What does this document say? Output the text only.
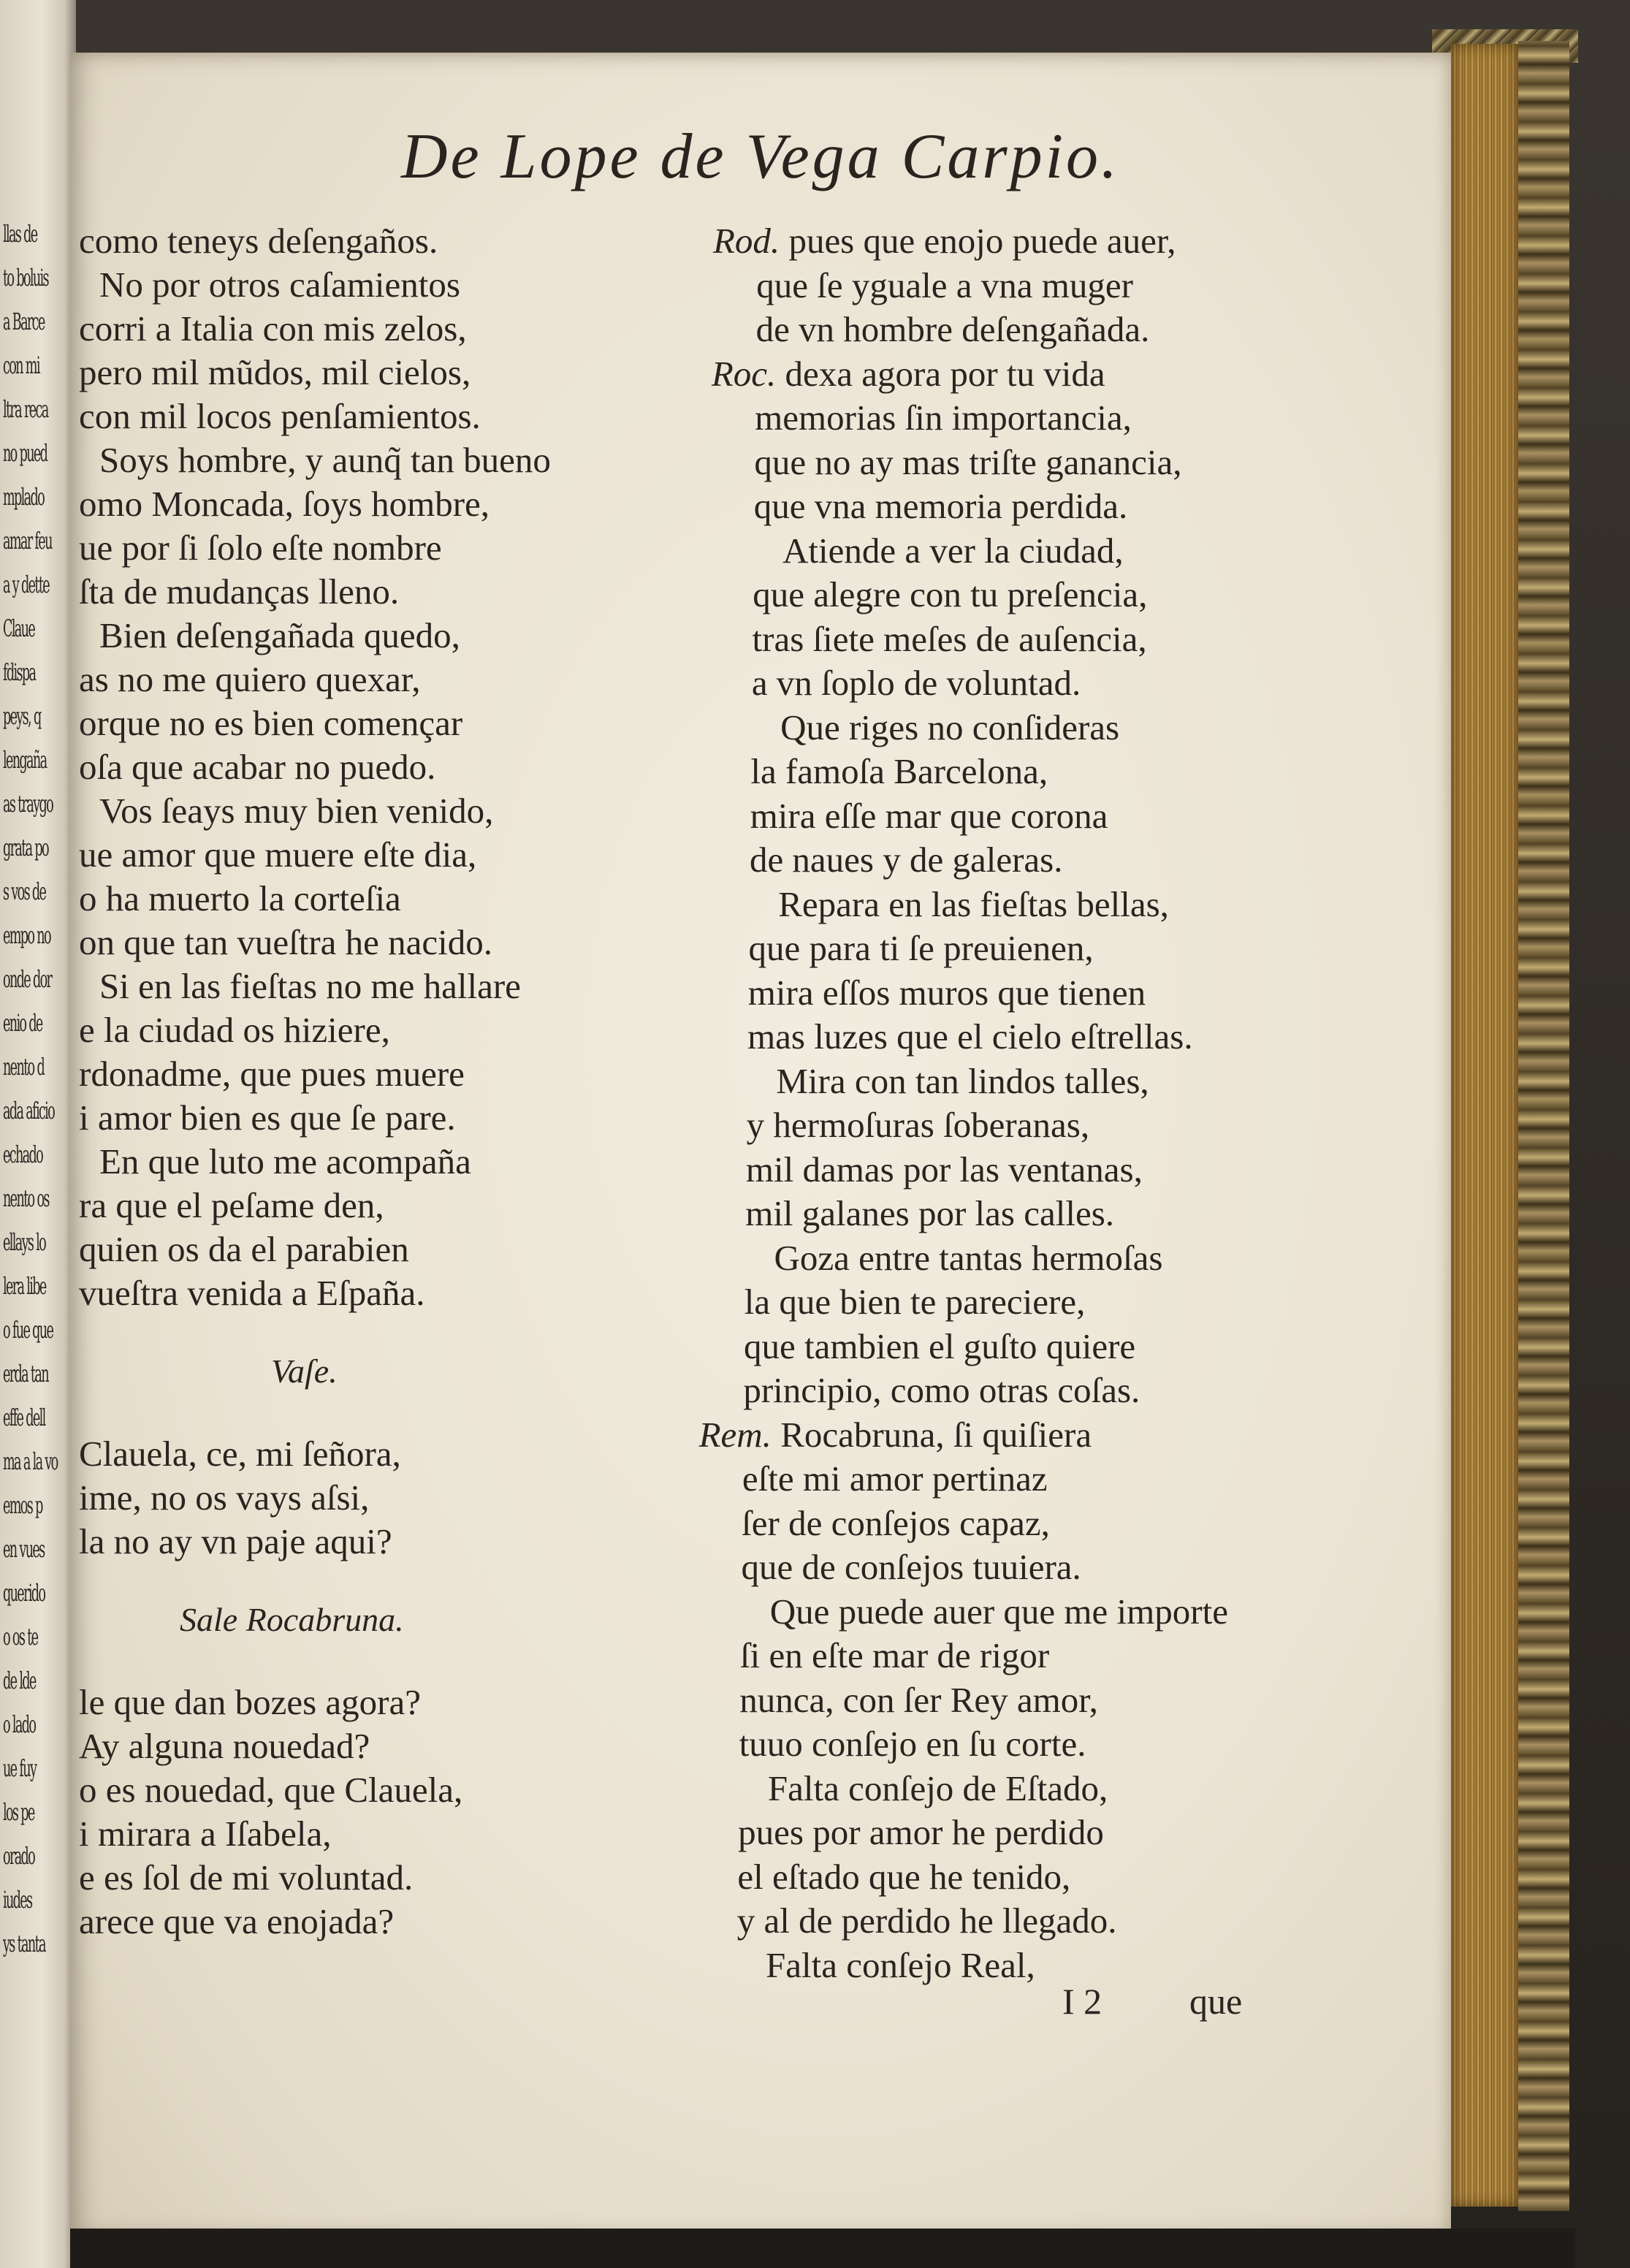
llas de
to boluis
a Barce
con mi
ltra reca
no pued
mplado
amar feu
a y dette
Claue
fdispa
peys, q
lengaña
as traygo
grata po
s vos de
empo no
onde dor
enio de
nento d
ada aficio
echado
nento os
ellays lo
lera libe
o fue que
erda tan
effe dell
ma a la vo
emos p
en vues
querido
o os te
de lde
o lado
ue fuy
los pe
orado
iudes
ys tanta
De Lope de Vega Carpio.
como teneys deſengaños.
No por otros caſamientos
corri a Italia con mis zelos,
pero mil mũdos, mil cielos,
con mil locos penſamientos.
Soys hombre, y aunq̃ tan bueno
omo Moncada, ſoys hombre,
ue por ſi ſolo eſte nombre
ſta de mudanças lleno.
Bien deſengañada quedo,
as no me quiero quexar,
orque no es bien començar
oſa que acabar no puedo.
Vos ſeays muy bien venido,
ue amor que muere eſte dia,
o ha muerto la corteſia
on que tan vueſtra he nacido.
Si en las fieſtas no me hallare
e la ciudad os hiziere,
rdonadme, que pues muere
i amor bien es que ſe pare.
En que luto me acompaña
ra que el peſame den,
quien os da el parabien
vueſtra venida a Eſpaña.
Vaſe.
Clauela, ce, mi ſeñora,
ime, no os vays aſsi,
la no ay vn paje aqui?
Sale Rocabruna.
le que dan bozes agora?
Ay alguna nouedad?
o es nouedad, que Clauela,
i mirara a Iſabela,
e es ſol de mi voluntad.
arece que va enojada?
Rod. pues que enojo puede auer,
que ſe yguale a vna muger
de vn hombre deſengañada.
Roc. dexa agora por tu vida
memorias ſin importancia,
que no ay mas triſte ganancia,
que vna memoria perdida.
Atiende a ver la ciudad,
que alegre con tu preſencia,
tras ſiete meſes de auſencia,
a vn ſoplo de voluntad.
Que riges no conſideras
la famoſa Barcelona,
mira eſſe mar que corona
de naues y de galeras.
Repara en las fieſtas bellas,
que para ti ſe preuienen,
mira eſſos muros que tienen
mas luzes que el cielo eſtrellas.
Mira con tan lindos talles,
y hermoſuras ſoberanas,
mil damas por las ventanas,
mil galanes por las calles.
Goza entre tantas hermoſas
la que bien te pareciere,
que tambien el guſto quiere
principio, como otras coſas.
Rem. Rocabruna, ſi quiſiera
eſte mi amor pertinaz
ſer de conſejos capaz,
que de conſejos tuuiera.
Que puede auer que me importe
ſi en eſte mar de rigor
nunca, con ſer Rey amor,
tuuo conſejo en ſu corte.
Falta conſejo de Eſtado,
pues por amor he perdido
el eſtado que he tenido,
y al de perdido he llegado.
Falta conſejo Real,
I 2 que
